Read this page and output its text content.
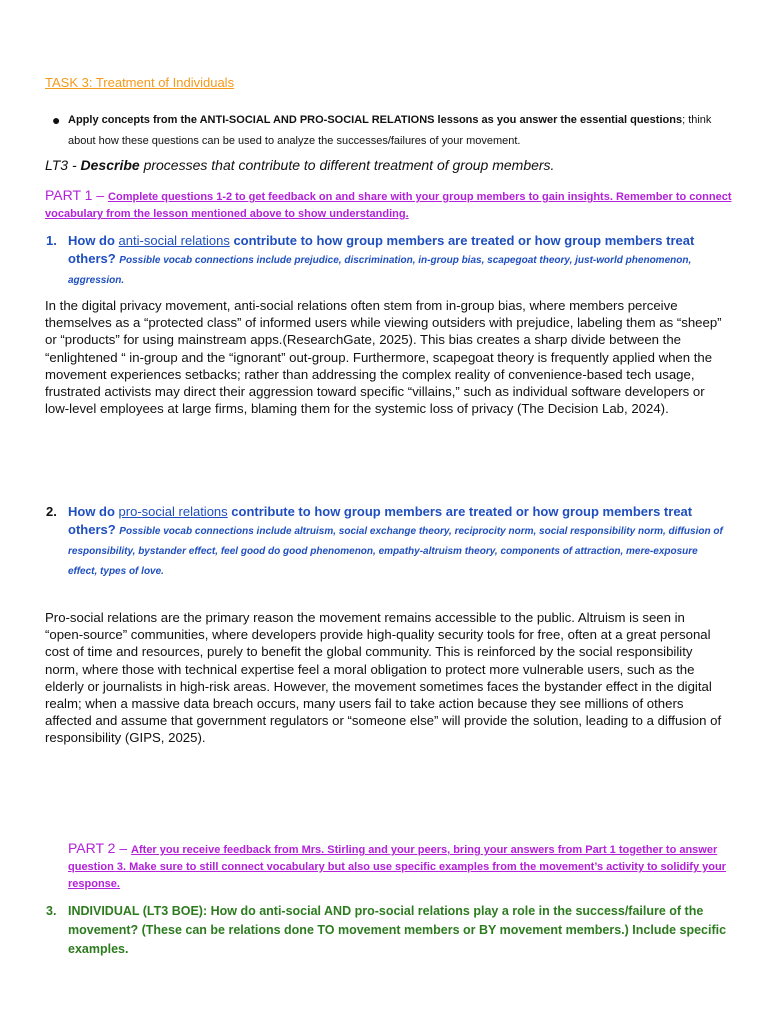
TASK 3: Treatment of Individuals
● Apply concepts from the ANTI-SOCIAL AND PRO-SOCIAL RELATIONS lessons as you answer the essential questions; think about how these questions can be used to analyze the successes/failures of your movement.
LT3 - Describe processes that contribute to different treatment of group members.
PART 1 – Complete questions 1-2 to get feedback on and share with your group members to gain insights. Remember to connect vocabulary from the lesson mentioned above to show understanding.
1. How do anti-social relations contribute to how group members are treated or how group members treat others? Possible vocab connections include prejudice, discrimination, in-group bias, scapegoat theory, just-world phenomenon, aggression.
In the digital privacy movement, anti-social relations often stem from in-group bias, where members perceive themselves as a “protected class” of informed users while viewing outsiders with prejudice, labeling them as “sheep” or “products” for using mainstream apps.(ResearchGate, 2025). This bias creates a sharp divide between the “enlightened “ in-group and the “ignorant” out-group. Furthermore, scapegoat theory is frequently applied when the movement experiences setbacks; rather than addressing the complex reality of convenience-based tech usage, frustrated activists may direct their aggression toward specific “villains,” such as individual software developers or low-level employees at large firms, blaming them for the systemic loss of privacy (The Decision Lab, 2024).
2. How do pro-social relations contribute to how group members are treated or how group members treat others? Possible vocab connections include altruism, social exchange theory, reciprocity norm, social responsibility norm, diffusion of responsibility, bystander effect, feel good do good phenomenon, empathy-altruism theory, components of attraction, mere-exposure effect, types of love.
Pro-social relations are the primary reason the movement remains accessible to the public. Altruism is seen in “open-source” communities, where developers provide high-quality security tools for free, often at a great personal cost of time and resources, purely to benefit the global community. This is reinforced by the social responsibility norm, where those with technical expertise feel a moral obligation to protect more vulnerable users, such as the elderly or journalists in high-risk areas. However, the movement sometimes faces the bystander effect in the digital realm; when a massive data breach occurs, many users fail to take action because they see millions of others affected and assume that government regulators or “someone else” will provide the solution, leading to a diffusion of responsibility (GIPS, 2025).
PART 2 – After you receive feedback from Mrs. Stirling and your peers, bring your answers from Part 1 together to answer question 3. Make sure to still connect vocabulary but also use specific examples from the movement’s activity to solidify your response.
3. INDIVIDUAL (LT3 BOE): How do anti-social AND pro-social relations play a role in the success/failure of the movement? (These can be relations done TO movement members or BY movement members.) Include specific examples.
